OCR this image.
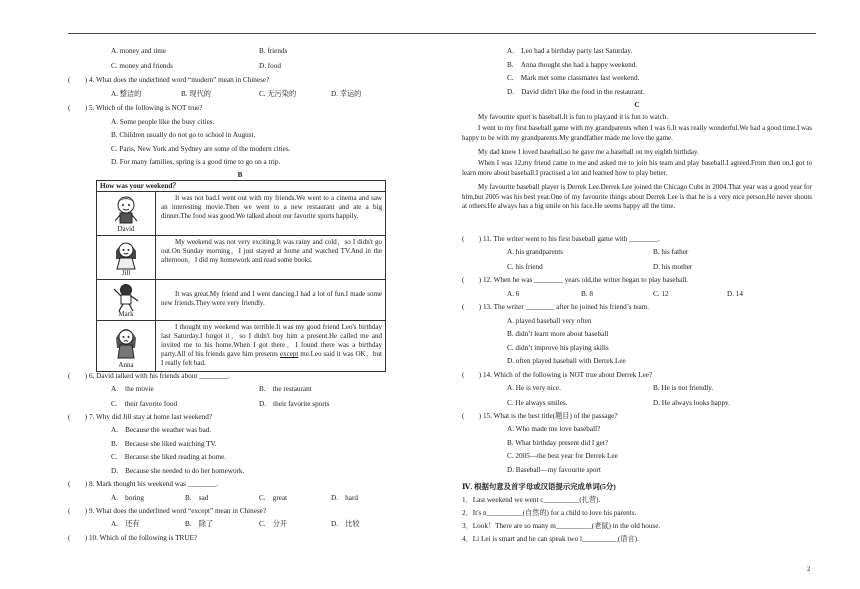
A. money and time	B. friends
C. money and friends	D. food
(　　) 4. What does the underlined word “modern” mean in Chinese?
A. 整洁的	B. 现代的	C. 无污染的	D. 幸运的
(　　) 5. Which of the following is NOT true?
A. Some people like the busy cities.
B. Children usually do not go to school in August.
C. Paris, New York and Sydney are some of the modern cities.
D. For many families, spring is a good time to go on a trip.
B
How was your weekend？
David
It was not bad.I went out with my friends.We went to a cinema and saw an interesting movie.Then we went to a new restaurant and ate a big dinner.The food was good.We talked about our favorite sports happily.
Jill
My weekend was not very exciting.It was rainy and cold，so I didn't go out.On Sunday morning，I just stayed at home and watched TV.And in the afternoon，I did my homework and read some books.
Mark
It was great.My friend and I went dancing.I had a lot of fun.I made some new friends.They were very friendly.
Anna
I thought my weekend was terrible.It was my good friend Leo's birthday last Saturday.I forgot it，so I didn't buy him a present.He called me and invited me to his home.When I got there，I found there was a birthday party.All of his friends gave him presents except me.Leo said it was OK，but I really felt bad.
(　　) 6. David talked with his friends about ________.
A.　the movie	B.　the restaurant
C.　their favorite food	D.　their favorite sports
(　　) 7. Why did Jill stay at home last weekend?
A.　Because the weather was bad.
B.　Because she liked watching TV.
C.　Because she liked reading at home.
D.　Because she needed to do her homework.
(　　) 8. Mark thought his weekend was ________.
A.　boring	B.　sad	C.　great	D.　hard
(　　) 9. What does the underlined word “except” mean in Chinese?
A.　还有	B.　除了	C.　分开	D.　比较
(　　) 10. Which of the following is TRUE?
A.　Leo had a birthday party last Saturday.
B.　Anna thought she had a happy weekend.
C.　Mark met some classmates last weekend.
D.　David didn't like the food in the restaurant.
C
My favourite sport is baseball.It is fun to play,and it is fun to watch.
I went to my first baseball game with my grandparents when I was 6.It was really wonderful.We had a good time.I was happy to be with my grandparents.My grandfather made me love the game.
My dad knew I loved baseball,so he gave me a baseball on my eighth birthday.
When I was 12,my friend came to me and asked me to join his team and play baseball.I agreed.From then on,I got to learn more about baseball.I practised a lot and learned how to play better.
My favourite baseball player is Derrek Lee.Derrek Lee joined the Chicago Cubs in 2004.That year was a good year for him,but 2005 was his best year.One of my favourite things about Derrek Lee is that he is a very nice person.He never shouts at others.He always has a big smile on his face.He seems happy all the time.
(　　) 11. The writer went to his first baseball game with ________.
A. his grandparents	B. his father
C. his friend	D. his mother
(　　) 12. When he was ________ years old,the writer began to play baseball.
A. 6	B. 8	C. 12	D. 14
(　　) 13. The writer ________ after he joined his friend’s team.
A. played baseball very often
B. didn’t learn more about baseball
C. didn’t improve his playing skills
D. often played baseball with Derrek Lee
(　　) 14. Which of the following is NOT true about Derrek Lee?
A. He is very nice.	B. He is not friendly.
C. He always smiles.	D. He always looks happy.
(　　) 15. What is the best title(题目) of the passage?
A. Who made me love baseball?
B. What birthday present did I get?
C. 2005—the best year for Derrek Lee
D. Baseball—my favourite sport
Ⅳ. 根据句意及首字母或汉语提示完成单词(5分)
1．Last weekend we went c__________(扎营).
2．It's n__________(自然的) for a child to love his parents.
3．Look！There are so many m__________(老鼠) in the old house.
4．Li Lei is smart and he can speak two l__________(语言).
2
